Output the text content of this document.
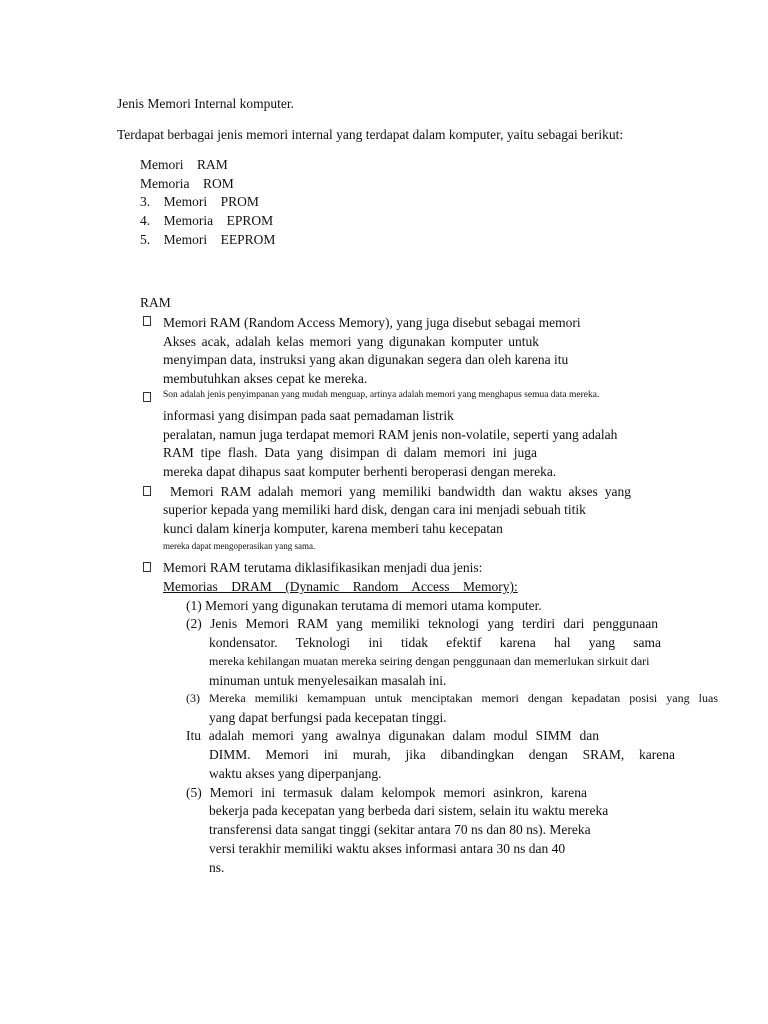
Jenis Memori Internal komputer.
Terdapat berbagai jenis memori internal yang terdapat dalam komputer, yaitu sebagai berikut:
Memori    RAM
Memoria    ROM
3.    Memori    PROM
4.    Memoria    EPROM
5.    Memori    EEPROM
RAM
Memori RAM (Random Access Memory), yang juga disebut sebagai memori
Akses acak, adalah kelas memori yang digunakan komputer untuk
menyimpan data, instruksi yang akan digunakan segera dan oleh karena itu
membutuhkan akses cepat ke mereka.
Son adalah jenis penyimpanan yang mudah menguap, artinya adalah memori yang menghapus semua data mereka.
informasi yang disimpan pada saat pemadaman listrik
peralatan, namun juga terdapat memori RAM jenis non-volatile, seperti yang adalah
RAM tipe flash. Data yang disimpan di dalam memori ini juga
mereka dapat dihapus saat komputer berhenti beroperasi dengan mereka.
Memori RAM adalah memori yang memiliki bandwidth dan waktu akses yang
superior kepada yang memiliki hard disk, dengan cara ini menjadi sebuah titik
kunci dalam kinerja komputer, karena memberi tahu kecepatan
mereka dapat mengoperasikan yang sama.
Memori RAM terutama diklasifikasikan menjadi dua jenis:
Memorias    DRAM    (Dynamic    Random    Access    Memory):
(1) Memori yang digunakan terutama di memori utama komputer.
(2) Jenis Memori RAM yang memiliki teknologi yang terdiri dari penggunaan
kondensator. Teknologi ini tidak efektif karena hal yang sama
mereka kehilangan muatan mereka seiring dengan penggunaan dan memerlukan sirkuit dari
minuman untuk menyelesaikan masalah ini.
(3) Mereka memiliki kemampuan untuk menciptakan memori dengan kepadatan posisi yang luas
yang dapat berfungsi pada kecepatan tinggi.
Itu adalah memori yang awalnya digunakan dalam modul SIMM dan
DIMM. Memori ini murah, jika dibandingkan dengan SRAM, karena
waktu akses yang diperpanjang.
(5) Memori ini termasuk dalam kelompok memori asinkron, karena
bekerja pada kecepatan yang berbeda dari sistem, selain itu waktu mereka
transferensi data sangat tinggi (sekitar antara 70 ns dan 80 ns). Mereka
versi terakhir memiliki waktu akses informasi antara 30 ns dan 40
ns.
